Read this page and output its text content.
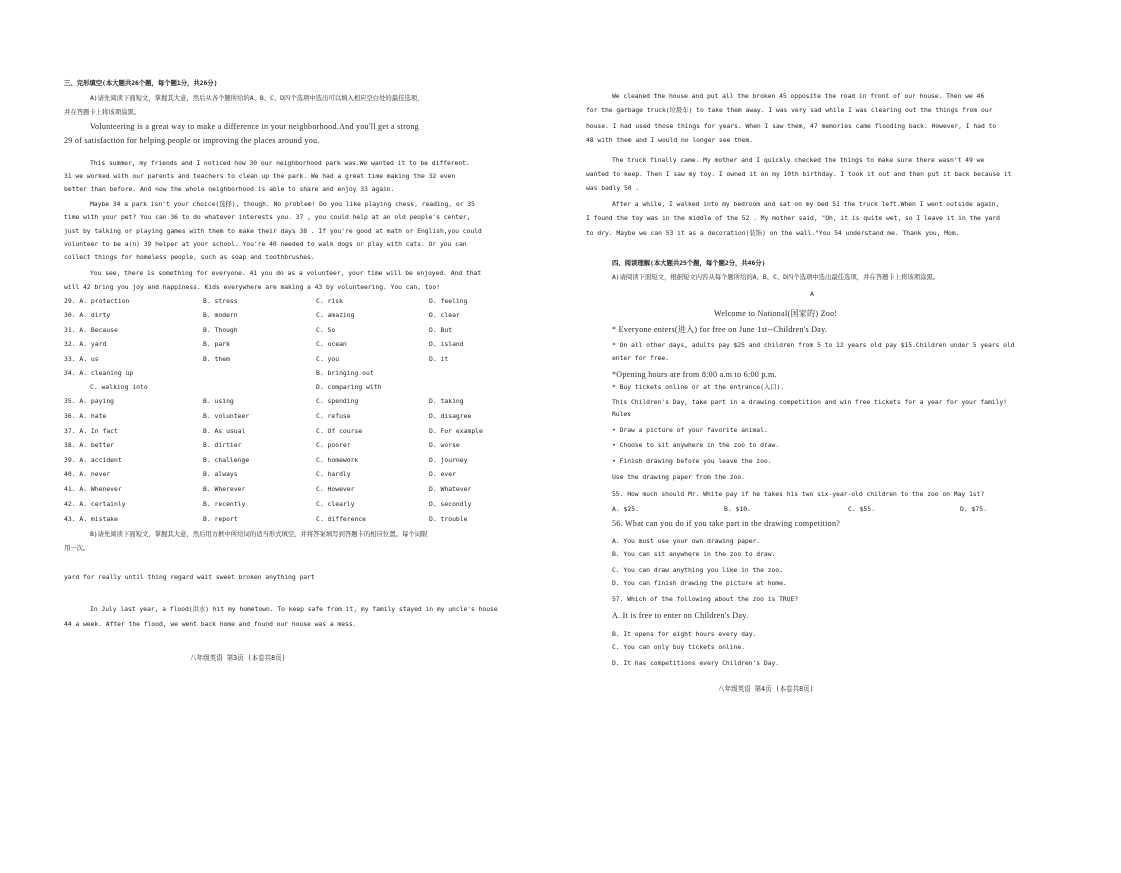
三、完形填空(本大题共26个题，每个题1分，共26分)
A)请先阅读下面短文，掌握其大意，然后从各个题所给的A、B、C、D四个选项中选出可以填入相应空白处的最佳选项，
并在答题卡上将该项涂黑。
Volunteering is a great way to make a difference in your neighborhood.And you'll get a strong
29 of satisfaction for helping people or improving the places around you.
This summer, my friends and I noticed how 30 our neighborhood park was.We wanted it to be different.
31 we worked with our parents and teachers to clean up the park. We had a great time making the 32 even
better than before. And now the whole neighborhood is able to share and enjoy 33 again.
Maybe 34 a park isn't your choice(选择), though. No problem! Do you like playing chess, reading, or 35
time with your pet? You can 36 to do whatever interests you. 37 , you could help at an old people's center,
just by talking or playing games with them to make their days 38 . If you're good at math or English,you could
volunteer to be a(n) 39 helper at your school. You're 40 needed to walk dogs or play with cats. Or you can
collect things for homeless people, such as soap and toothbrushes.
You see, there is something for everyone. 41 you do as a volunteer, your time will be enjoyed. And that
will 42 bring you joy and happiness. Kids everywhere are making a 43 by volunteering. You can, too!
29. A. protection	B. stress	C. risk	D. feeling
30. A. dirty	B. modern	C. amazing	D. clear
31. A. Because	B. Though	C. So	D. But
32. A. yard	B. park	C. ocean	D. island
33. A. us	B. them	C. you	D. it
34. A. cleaning up	B. bringing out
C. walking into	D. comparing with
35. A. paying	B. using	C. spending	D. taking
36. A. hate	B. volunteer	C. refuse	D. disagree
37. A. In fact	B. As usual	C. Of course	D. For example
38. A. better	B. dirtier	C. poorer	D. worse
39. A. accident	B. challenge	C. homework	D. journey
40. A. never	B. always	C. hardly	D. ever
41. A. Whenever	B. Wherever	C. However	D. Whatever
42. A. certainly	B. recently	C. clearly	D. secondly
43. A. mistake	B. report	C. difference	D. trouble
B)请先阅读下面短文，掌握其大意，然后用方框中所给词的适当形式填空，并将答案填写到答题卡的相应位置。每个词限
用一次。
yard for really until thing regard wait sweet broken anything part
In July last year, a flood(洪水) hit my hometown. To keep safe from it, my family stayed in my uncle's house
44 a week. After the flood, we went back home and found our house was a mess.
八年级英语 第3页 (本卷共8页)
We cleaned the house and put all the broken 45 opposite the road in front of our house. Then we 46
for the garbage truck(垃圾车) to take them away. I was very sad while I was clearing out the things from our
house. I had used those things for years. When I saw them, 47 memories came flooding back. However, I had to
48 with them and I would no longer see them.
The truck finally came. My mother and I quickly checked the things to make sure there wasn't 49 we
wanted to keep. Then I saw my toy. I owned it on my 10th birthday. I took it out and then put it back because it
was badly 50 .
After a while, I walked into my bedroom and sat on my bed 51 the truck left.When I went outside again,
I found the toy was in the middle of the 52 . My mother said, "Oh, it is quite wet, so I leave it in the yard
to dry. Maybe we can 53 it as a decoration(装饰) on the wall."You 54 understand me. Thank you, Mom.
四、阅读理解(本大题共25个题，每个题2分，共46分)
A)请阅读下面短文，根据短文内容从每个题所给的A、B、C、D四个选项中选出最佳选项，并在答题卡上将该项涂黑。
A
Welcome to National(国家的) Zoo!
* Everyone enters(进入) for free on June 1st--Children's Day.
* On all other days, adults pay $25 and children from 5 to 12 years old pay $15.Children under 5 years old
enter for free.
*Opening hours are from 8:00 a.m to 6:00 p.m.
* Buy tickets online or at the entrance(入口).
This Children's Day, take part in a drawing competition and win free tickets for a year for your family!
Rules
• Draw a picture of your favorite animal.
• Choose to sit anywhere in the zoo to draw.
• Finish drawing before you leave the zoo.
Use the drawing paper from the zoo.
55. How much should Mr. White pay if he takes his two six-year-old children to the zoo on May 1st?
A. $25.	B. $10.	C. $55.	D. $75.
56. What can you do if you take part in the drawing competition?
A. You must use your own drawing paper.
B. You can sit anywhere in the zoo to draw.
C. You can draw anything you like in the zoo.
D. You can finish drawing the picture at home.
57. Which of the following about the zoo is TRUE?
A. It is free to enter on Children's Day.
B. It opens for eight hours every day.
C. You can only buy tickets online.
D. It has competitions every Children's Day.
八年级英语 第4页 (本卷共8页)
